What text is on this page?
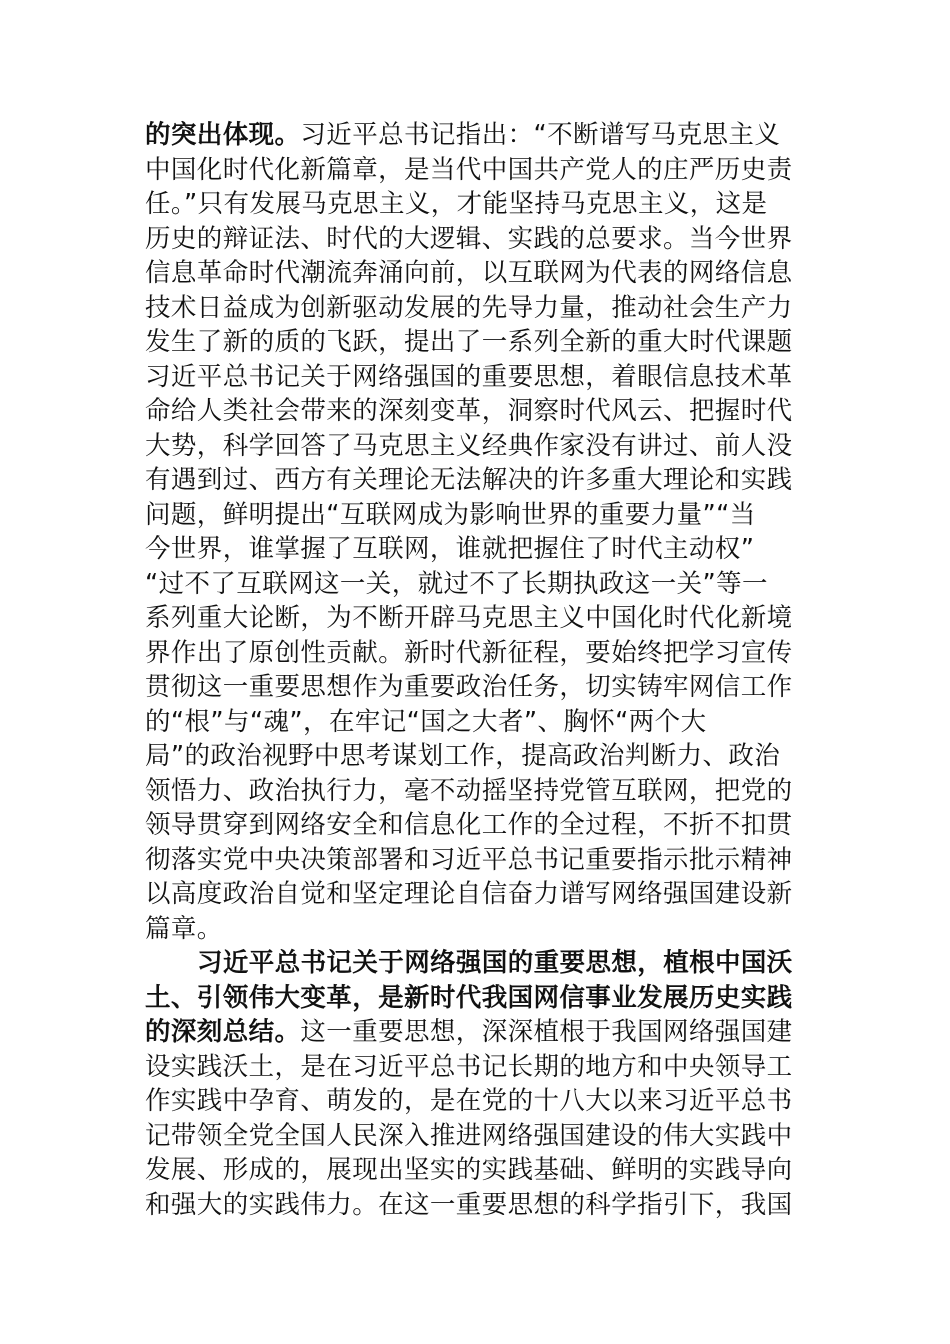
的突出体现。习近平总书记指出：“不断谱写马克思主义
中国化时代化新篇章，是当代中国共产党人的庄严历史责
任。”只有发展马克思主义，才能坚持马克思主义，这是
历史的辩证法、时代的大逻辑、实践的总要求。当今世界
信息革命时代潮流奔涌向前，以互联网为代表的网络信息
技术日益成为创新驱动发展的先导力量，推动社会生产力
发生了新的质的飞跃，提出了一系列全新的重大时代课题
习近平总书记关于网络强国的重要思想，着眼信息技术革
命给人类社会带来的深刻变革，洞察时代风云、把握时代
大势，科学回答了马克思主义经典作家没有讲过、前人没
有遇到过、西方有关理论无法解决的许多重大理论和实践
问题，鲜明提出“互联网成为影响世界的重要力量”“当
今世界，谁掌握了互联网，谁就把握住了时代主动权”
“过不了互联网这一关，就过不了长期执政这一关”等一
系列重大论断，为不断开辟马克思主义中国化时代化新境
界作出了原创性贡献。新时代新征程，要始终把学习宣传
贯彻这一重要思想作为重要政治任务，切实铸牢网信工作
的“根”与“魂”，在牢记“国之大者”、胸怀“两个大
局”的政治视野中思考谋划工作，提高政治判断力、政治
领悟力、政治执行力，毫不动摇坚持党管互联网，把党的
领导贯穿到网络安全和信息化工作的全过程，不折不扣贯
彻落实党中央决策部署和习近平总书记重要指示批示精神
以高度政治自觉和坚定理论自信奋力谱写网络强国建设新
篇章。
习近平总书记关于网络强国的重要思想，植根中国沃
土、引领伟大变革，是新时代我国网信事业发展历史实践
的深刻总结。这一重要思想，深深植根于我国网络强国建
设实践沃土，是在习近平总书记长期的地方和中央领导工
作实践中孕育、萌发的，是在党的十八大以来习近平总书
记带领全党全国人民深入推进网络强国建设的伟大实践中
发展、形成的，展现出坚实的实践基础、鲜明的实践导向
和强大的实践伟力。在这一重要思想的科学指引下，我国
